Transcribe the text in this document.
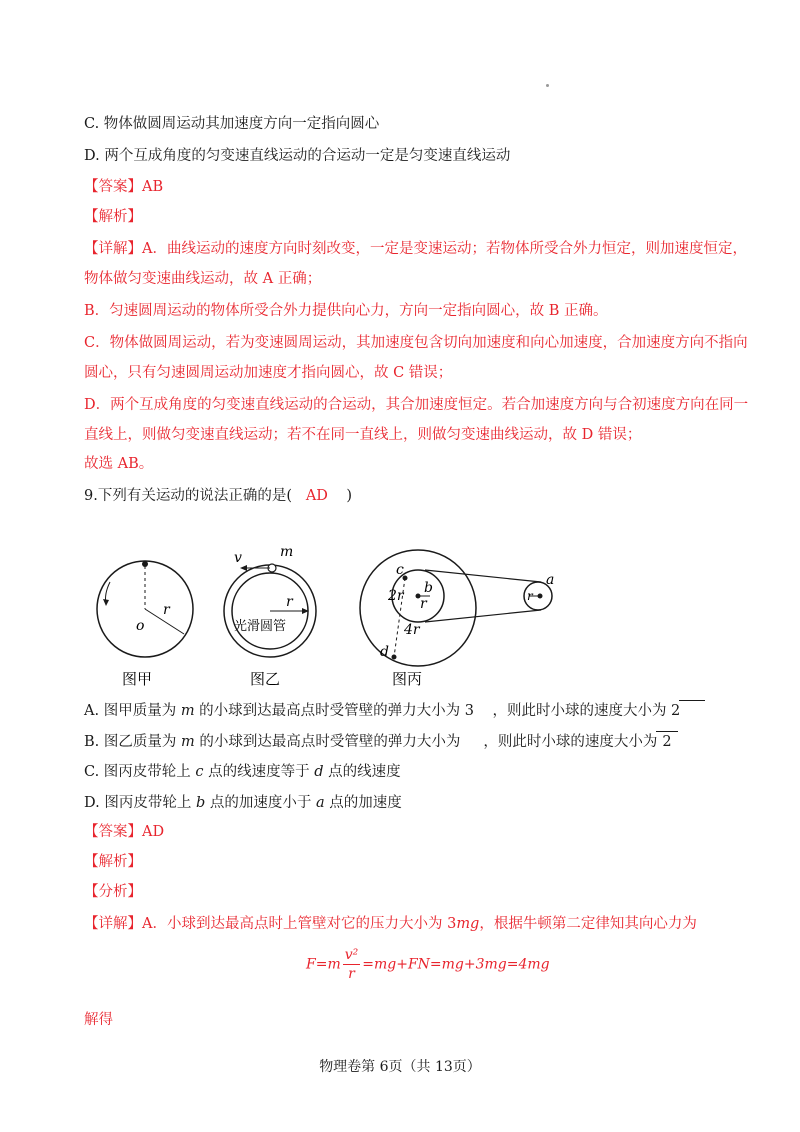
C. 物体做圆周运动其加速度方向一定指向圆心
D. 两个互成角度的匀变速直线运动的合运动一定是匀变速直线运动
【答案】AB
【解析】
【详解】A．曲线运动的速度方向时刻改变，一定是变速运动；若物体所受合外力恒定，则加速度恒定，
物体做匀变速曲线运动，故 A 正确；
B．匀速圆周运动的物体所受合外力提供向心力，方向一定指向圆心，故 B 正确。
C．物体做圆周运动，若为变速圆周运动，其加速度包含切向加速度和向心加速度，合加速度方向不指向
圆心，只有匀速圆周运动加速度才指向圆心，故 C 错误；
D．两个互成角度的匀变速直线运动的合运动，其合加速度恒定。若合加速度方向与合初速度方向在同一
直线上，则做匀变速直线运动；若不在同一直线上，则做匀变速曲线运动，故 D 错误；
故选 AB。
9.下列有关运动的说法正确的是( AD )
o
r
图甲
v	m
r
光滑圆管
图乙
c
b
2r r
4r
d
a
r
图丙
A. 图甲质量为 m 的小球到达最高点时受管壁的弹力大小为 3 ，则此时小球的速度大小为 2
B. 图乙质量为 m 的小球到达最高点时受管壁的弹力大小为 ，则此时小球的速度大小为 2
C. 图丙皮带轮上 c 点的线速度等于 d 点的线速度
D. 图丙皮带轮上 b 点的加速度小于 a 点的加速度
【答案】AD
【解析】
【分析】
【详解】A．小球到达最高点时上管壁对它的压力大小为 3mg，根据牛顿第二定律知其向心力为
$F=m \frac{\text{v²}}{r} =mg+FN=mg+3mg=4mg$
解得
物理卷第 6页（共 13页）
